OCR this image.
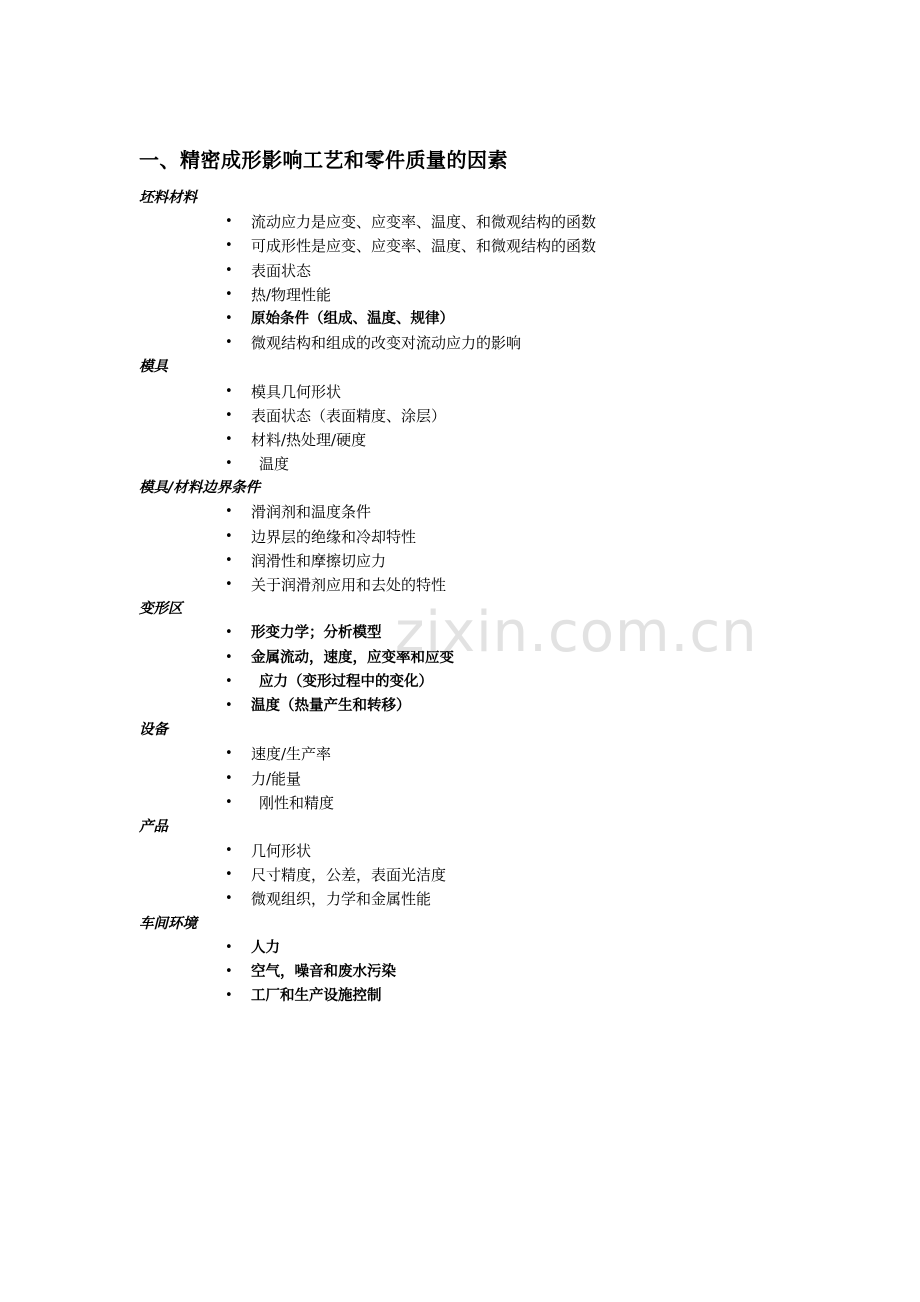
一、精密成形影响工艺和零件质量的因素
坯料材料
• 流动应力是应变、应变率、温度、和微观结构的函数
• 可成形性是应变、应变率、温度、和微观结构的函数
• 表面状态
• 热/物理性能
• 原始条件（组成、温度、规律）
• 微观结构和组成的改变对流动应力的影响
模具
• 模具几何形状
• 表面状态（表面精度、涂层）
• 材料/热处理/硬度
• 温度
模具/材料边界条件
• 滑润剂和温度条件
• 边界层的绝缘和冷却特性
• 润滑性和摩擦切应力
• 关于润滑剂应用和去处的特性
变形区
• 形变力学；分析模型
• 金属流动，速度，应变率和应变
• 应力（变形过程中的变化）
• 温度（热量产生和转移）
设备
• 速度/生产率
• 力/能量
• 刚性和精度
产品
• 几何形状
• 尺寸精度，公差，表面光洁度
• 微观组织，力学和金属性能
车间环境
• 人力
• 空气，噪音和废水污染
• 工厂和生产设施控制
zixin.com.cn
